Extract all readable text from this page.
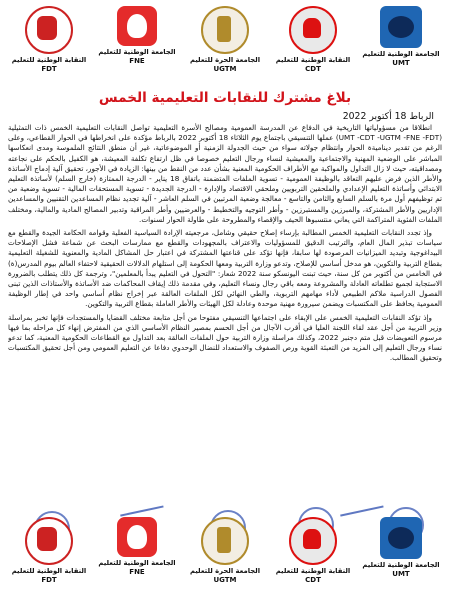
النقابة الوطنية للتعليم
FDT
الجامعة الوطنية للتعليم
FNE	الجامعة الحرة للتعليم
UGTM
النقابة الوطنية للتعليم
CDT
الجامعة الوطنية للتعليم
UMT
بلاغ مشترك للنقابات التعليمية الخمس
الرباط 18 أكتوبر 2022

انطلاقا من مسؤولياتها التاريخية في الدفاع عن المدرسة العمومية ومصالح الأسرة التعليمية تواصل النقابات التعليمية الخمس ذات التمثيلية (UMT -CDT -UGTM -FNE -FDT) عملها التنسيقي باجتماع يوم الثلاثاء 18 أكتوبر 2022 بالرباط مؤكدة على انخراطها في الحوار القطاعي، وعلى الرغم من تقدير ديناميةة الحوار وانتظام جولاته سواء من حيث الجدولة الزمنية أو الموضوعاتية، غير أن منطق النتائج الملموسة ومدى انعكاسها المباشر على الوضعية المهنية والاجتماعية والمعيشية لنساء ورجال التعليم خصوصا في ظل ارتفاع تكلفة المعيشة، هو الكفيل بالحكم على نجاعته ومصداقيته، حيث لا زال التداول والمواكبة مع الأطراف الحكومية المعنية بشأن عدد من النقط من بينها: الزيادة في الأجور، تحقيق آلية إدماج الأساتذة والأطر الذين فرض عليهم التعاقد بالوظيفة العمومية - تسوية الملفات المتضمنة باتفاق 18 يناير - الدرجة الممتازة (خارج السلم) لأساتذة التعليم الابتدائي وأساتذة التعليم الإعدادي والملحقين التربويين وملحقي الاقتصاد والإدارة - الدرجة الجديدة - تسوية المستحقات المالية - تسوية وضعية من تم توظيفهم أول مرة بالسلم السابع والثامن والتاسع - معالجة وضعية المرتبين في السلم العاشر - آلية تجديد نظام المساعدين التقنيين والمساعدين الإداريين والأطر المشتركة، والمبرزين والمستبرزين - وأطر التوجيه والتخطيط - والعرضيين وأطر المراقبة وتدبير المصالح المادية والمالية، ومختلف الملفات الفئوية المتراكمة التي يعاني منتسبوها الحيف والإقصاء والمطروحة على طاولة الحوار لسنوات.

وإذ تجدد النقابات التعليمية الخمس المطالبة بإرساء إصلاح حقيقي وشامل، مرجعيته الإرادة السياسية الفعلية وقوامه الحكامة الجيدة والقطع مع سياسات تبذير المال العام، والترتيب الدقيق للمسؤوليات والاعتراف بالمجهودات والقطع مع ممارسات البحث عن شماعة فشل الإصلاحات البيداغوجية وتبديد الميزانيات المرصودة لها سابقا، فإنها تؤكد على قناعتها المشتركة في اعتبار حل المشاكل المادية والمعنوية للشغيلة التعليمية بقطاع التربية والتكوين، هو مدخل أساسي للإصلاح، وتدعو وزارة التربية ومعها الحكومة إلى استلهام الدلالات الحقيقية لاحتفاء العالم بيوم المدرس(ة) في الخامس من أكتوبر من كل سنة، حيث تبنت اليونسكو سنة 2022 شعار: "التحول في التعليم يبدأ بالمعلمين"، وترجمة كل ذلك يتطلب بالضرورة الاستجابة لجميع تطلعاته العادلة والمشروعة ومعه باقي رجال ونساء التعليم، وفي مقدمة ذلك إيقاف المحاكمات ضد الأساتذة والأستاذات الذين تبنى الفصول الدراسية ملاكم الطبيعي لأداء مهامهم التربوية، والطي النهائي لكل الملفات العالقة عبر إخراج نظام أساسي واحد في إطار الوظيفة العمومية يحافظ على المكتسبات ويضمن سيرورة مهنية موحدة وعادلة لكل الهيئات والأطر العاملة بقطاع التربية والتكوين.

وإذ تؤكد النقابات التعليمية الخمس على الإبقاء على اجتماعها التنسيقي مفتوحا من أجل متابعة مختلف القضايا والمستجدات فإنها تخبر بمراسلة وزير التربية من أجل عقد لقاء اللجنة العليا في أقرب الآجال من أجل الحسم بمصير النظام الأساسي الذي من المفترض إنهاء كل مراحله بما فيها مرسوم التعويضات قبل متم دجنبر 2022، وكذلك مراسلة وزارة التربية حول الملفات العالقة بعد التداول مع القطاعات الحكومية المعنية، كما تدعو نساء ورجال التعليم إلى المزيد من التعبئة القوية ورص الصفوف والاستعداد للنضال الوحدوي دفاعا عن التعليم العمومي ومن أجل تحقيق المكتسبات وتحقيق المطالب.

النقابة الوطنية للتعليم
FDT
الجامعة الوطنية للتعليم
FNE	الجامعة الحرة للتعليم
UGTM
النقابة الوطنية للتعليم
CDT
الجامعة الوطنية للتعليم
UMT
